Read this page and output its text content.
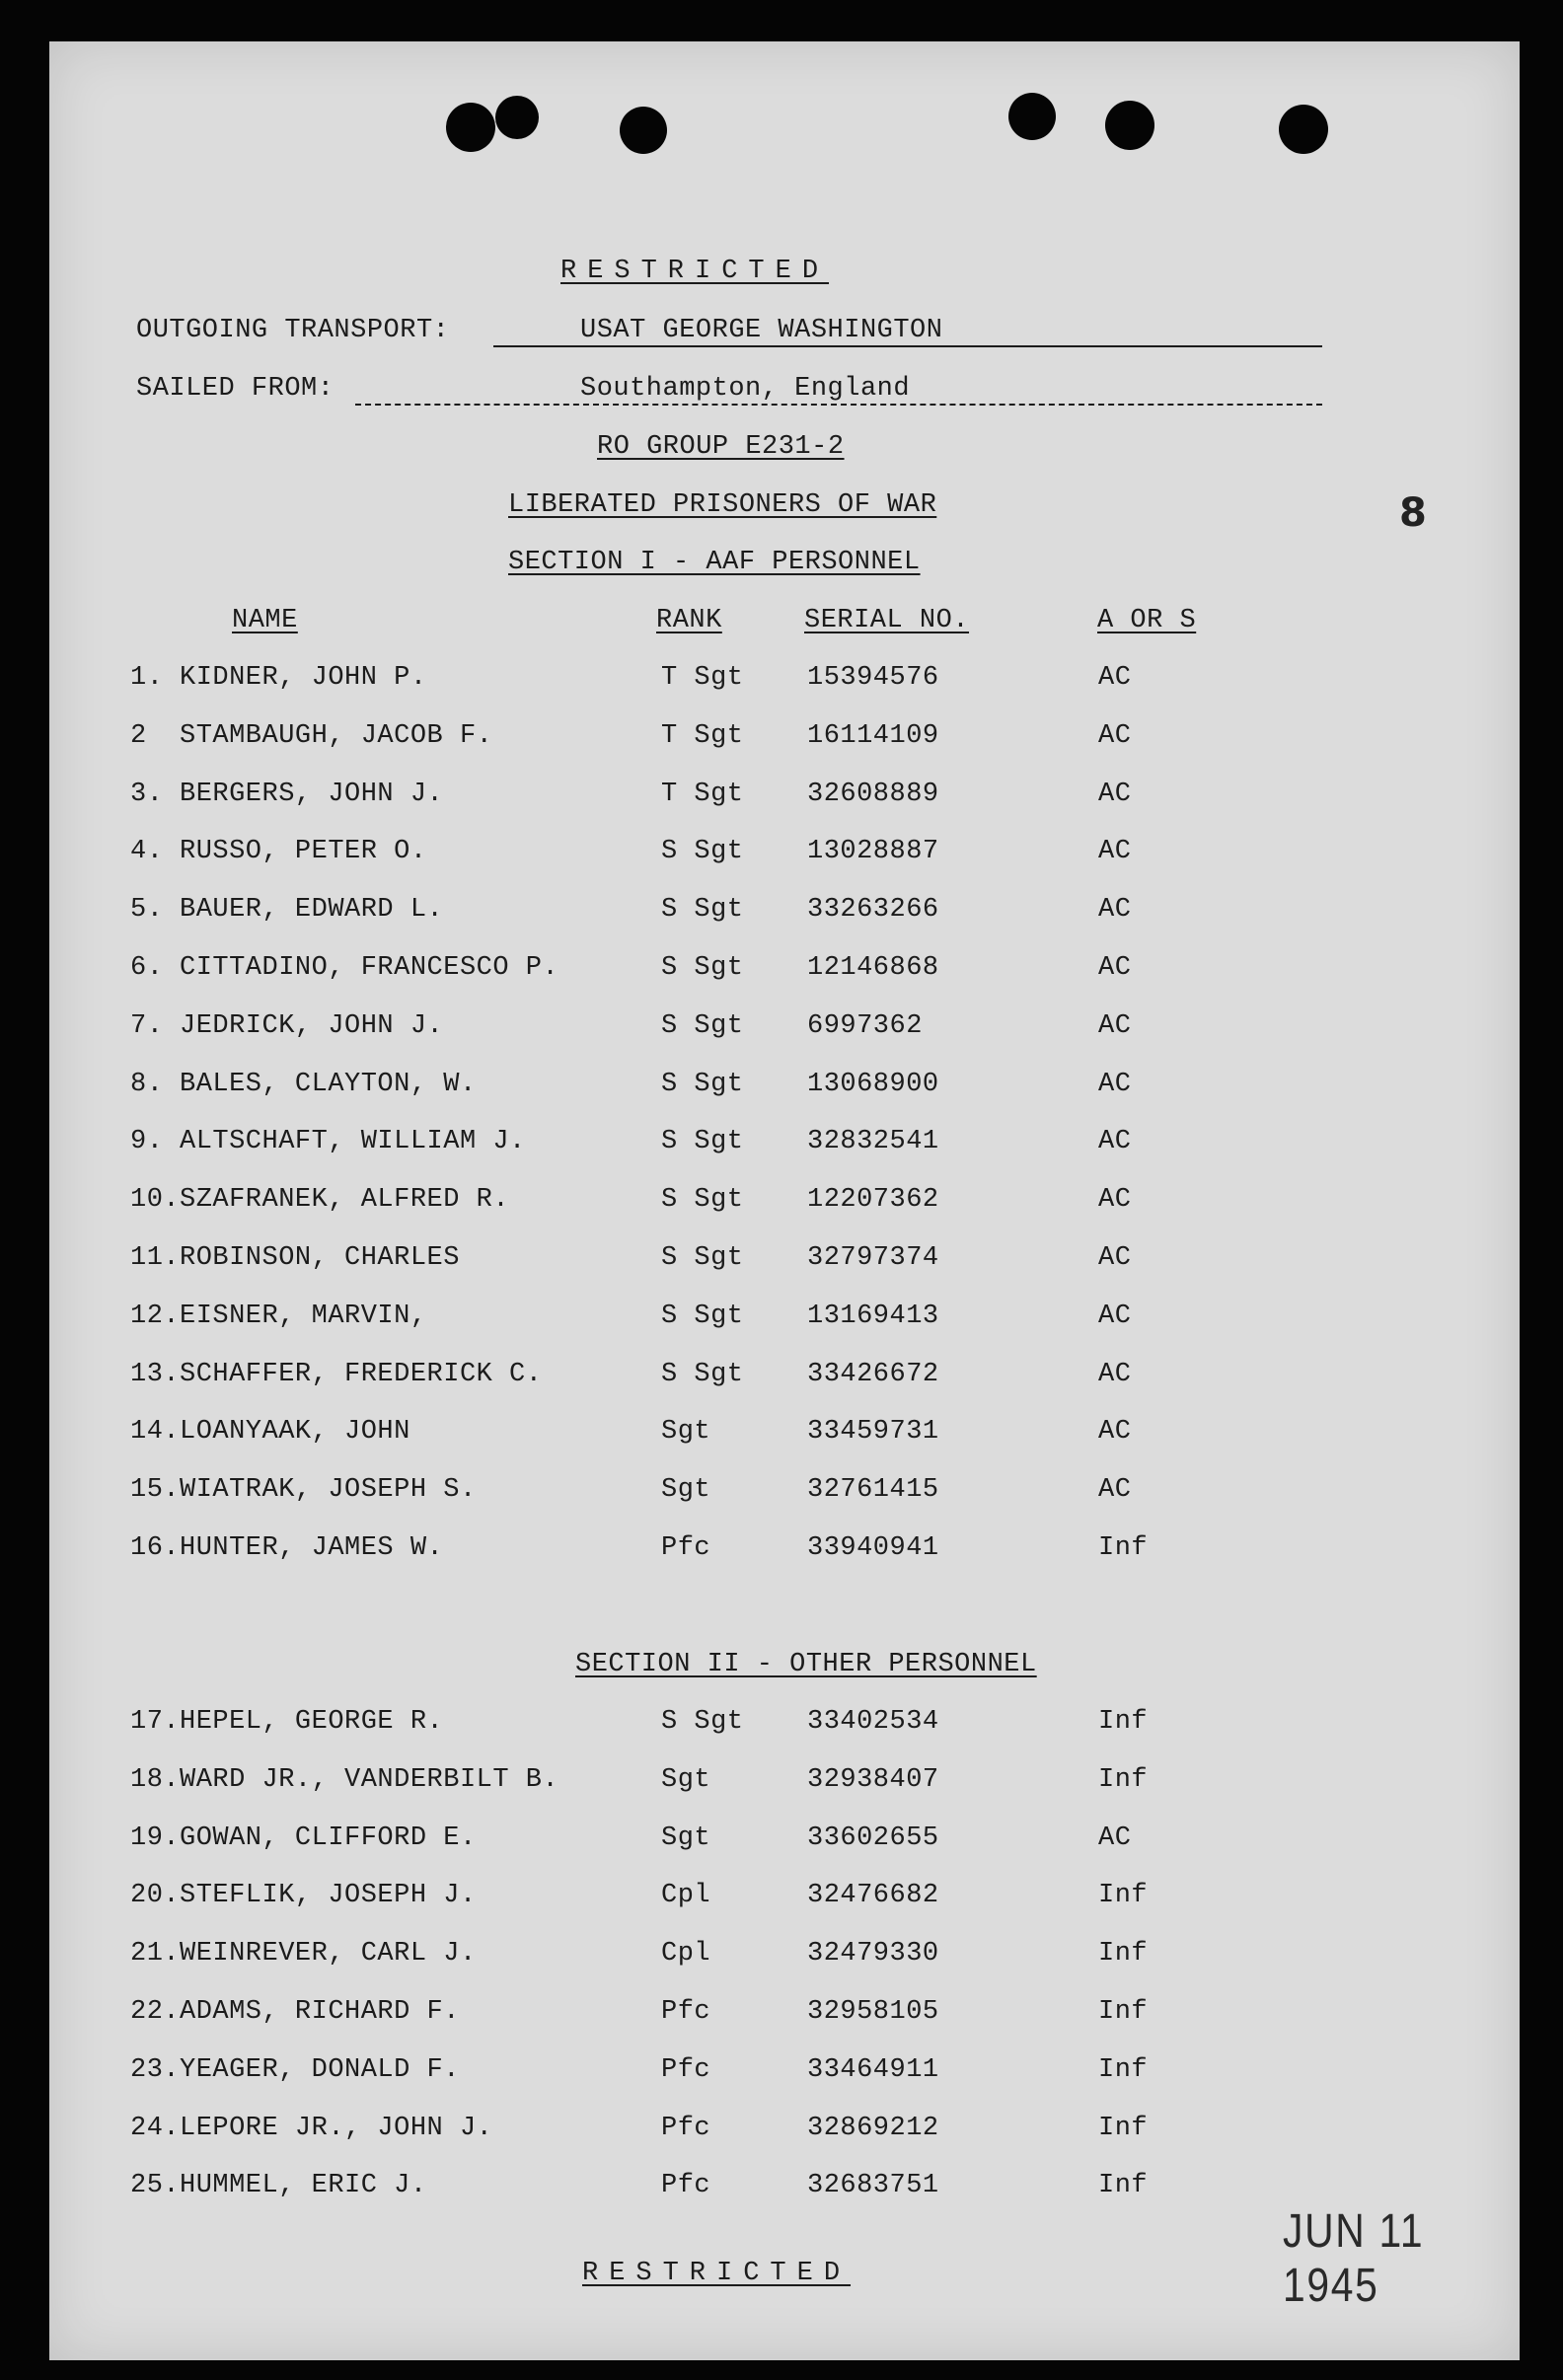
RESTRICTED
OUTGOING TRANSPORT:	USAT GEORGE WASHINGTON
SAILED FROM:	Southampton, England
RO GROUP E231-2
LIBERATED PRISONERS OF WAR
SECTION I - AAF PERSONNEL
8
NAME	RANK	SERIAL NO.	A OR S
1. KIDNER, JOHN P.	T Sgt 15394576	AC
2 STAMBAUGH, JACOB F.	T Sgt 16114109	AC
3. BERGERS, JOHN J.	T Sgt 32608889	AC
4. RUSSO, PETER O.	S Sgt 13028887	AC
5. BAUER, EDWARD L.	S Sgt 33263266	AC
6. CITTADINO, FRANCESCO P.	S Sgt 12146868	AC
7. JEDRICK, JOHN J.	S Sgt 6997362	AC
8. BALES, CLAYTON, W.	S Sgt 13068900	AC
9. ALTSCHAFT, WILLIAM J.	S Sgt 32832541	AC
10. SZAFRANEK, ALFRED R.	S Sgt 12207362	AC
11. ROBINSON, CHARLES	S Sgt 32797374	AC
12. EISNER, MARVIN,	S Sgt 13169413	AC
13. SCHAFFER, FREDERICK C.	S Sgt 33426672	AC
14. LOANYAAK, JOHN	Sgt	33459731	AC
15. WIATRAK, JOSEPH S.	Sgt	32761415	AC
16. HUNTER, JAMES W.	Pfc	33940941	Inf
SECTION II - OTHER PERSONNEL
17. HEPEL, GEORGE R.	S Sgt 33402534	Inf
18. WARD JR., VANDERBILT B.	Sgt	32938407	Inf
19. GOWAN, CLIFFORD E.	Sgt	33602655	AC
20. STEFLIK, JOSEPH J.	Cpl	32476682	Inf
21. WEINREVER, CARL J.	Cpl	32479330	Inf
22. ADAMS, RICHARD F.	Pfc	32958105	Inf
23. YEAGER, DONALD F.	Pfc	33464911	Inf
24. LEPORE JR., JOHN J.	Pfc	32869212	Inf
25. HUMMEL, ERIC J.	Pfc	32683751	Inf
JUN 11 1945
RESTRICTED
